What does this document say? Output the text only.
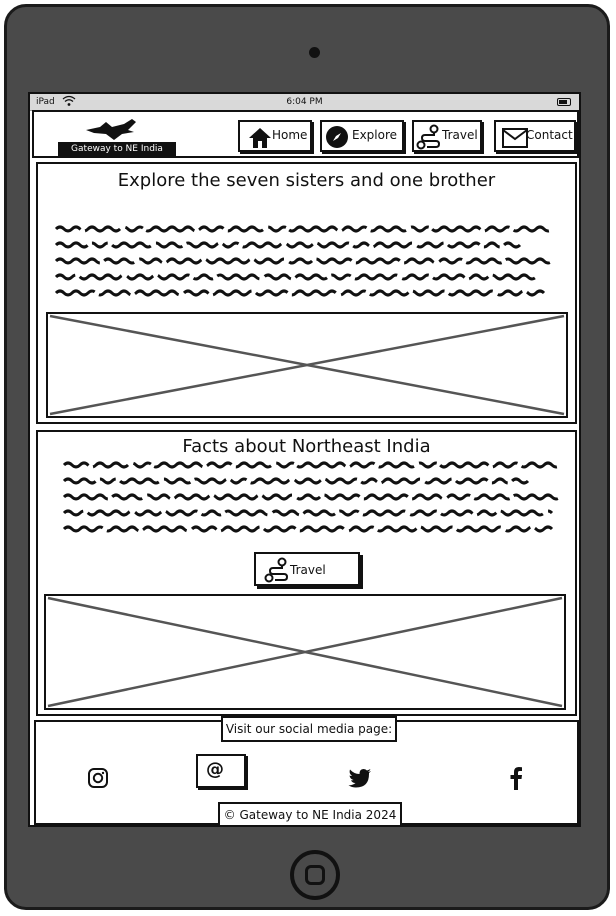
iPad	6:04 PM
Gateway to NE India
Home	Explore	Travel	Contact
Explore the seven sisters and one brother
Facts about Northeast India
Travel
Visit our social media page:
@
© Gateway to NE India 2024
